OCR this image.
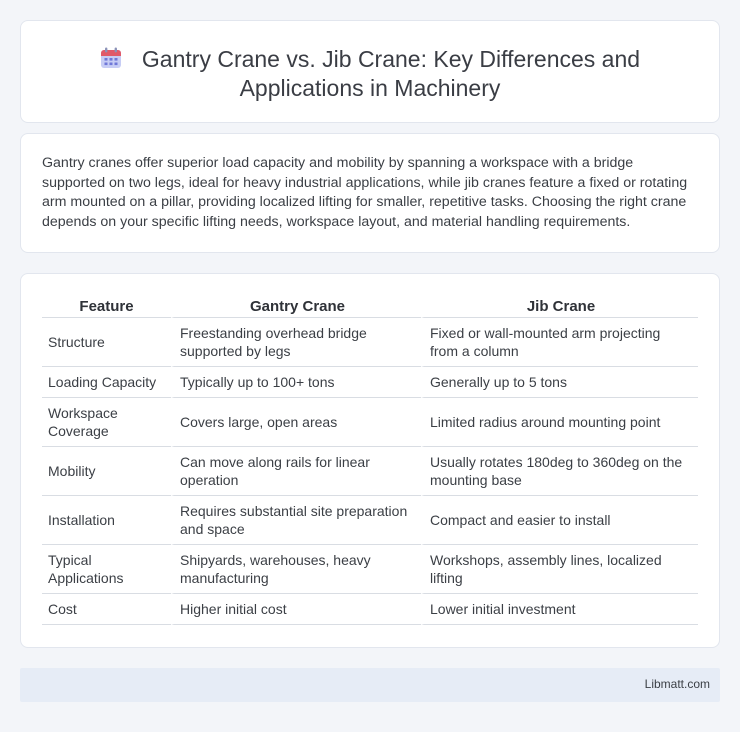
Gantry Crane vs. Jib Crane: Key Differences and
Applications in Machinery

Gantry cranes offer superior load capacity and mobility by spanning a workspace with a bridge supported on two legs, ideal for heavy industrial applications, while jib cranes feature a fixed or rotating arm mounted on a pillar, providing localized lifting for smaller, repetitive tasks. Choosing the right crane depends on your specific lifting needs, workspace layout, and material handling requirements.

Feature	Gantry Crane	Jib Crane
Structure	Freestanding overhead bridge supported by legs	Fixed or wall-mounted arm projecting from a column
Loading Capacity	Typically up to 100+ tons	Generally up to 5 tons
Workspace Coverage	Covers large, open areas	Limited radius around mounting point
Mobility	Can move along rails for linear operation	Usually rotates 180deg to 360deg on the mounting base
Installation	Requires substantial site preparation and space	Compact and easier to install
Typical Applications	Shipyards, warehouses, heavy manufacturing	Workshops, assembly lines, localized lifting
Cost	Higher initial cost	Lower initial investment
Libmatt.com
